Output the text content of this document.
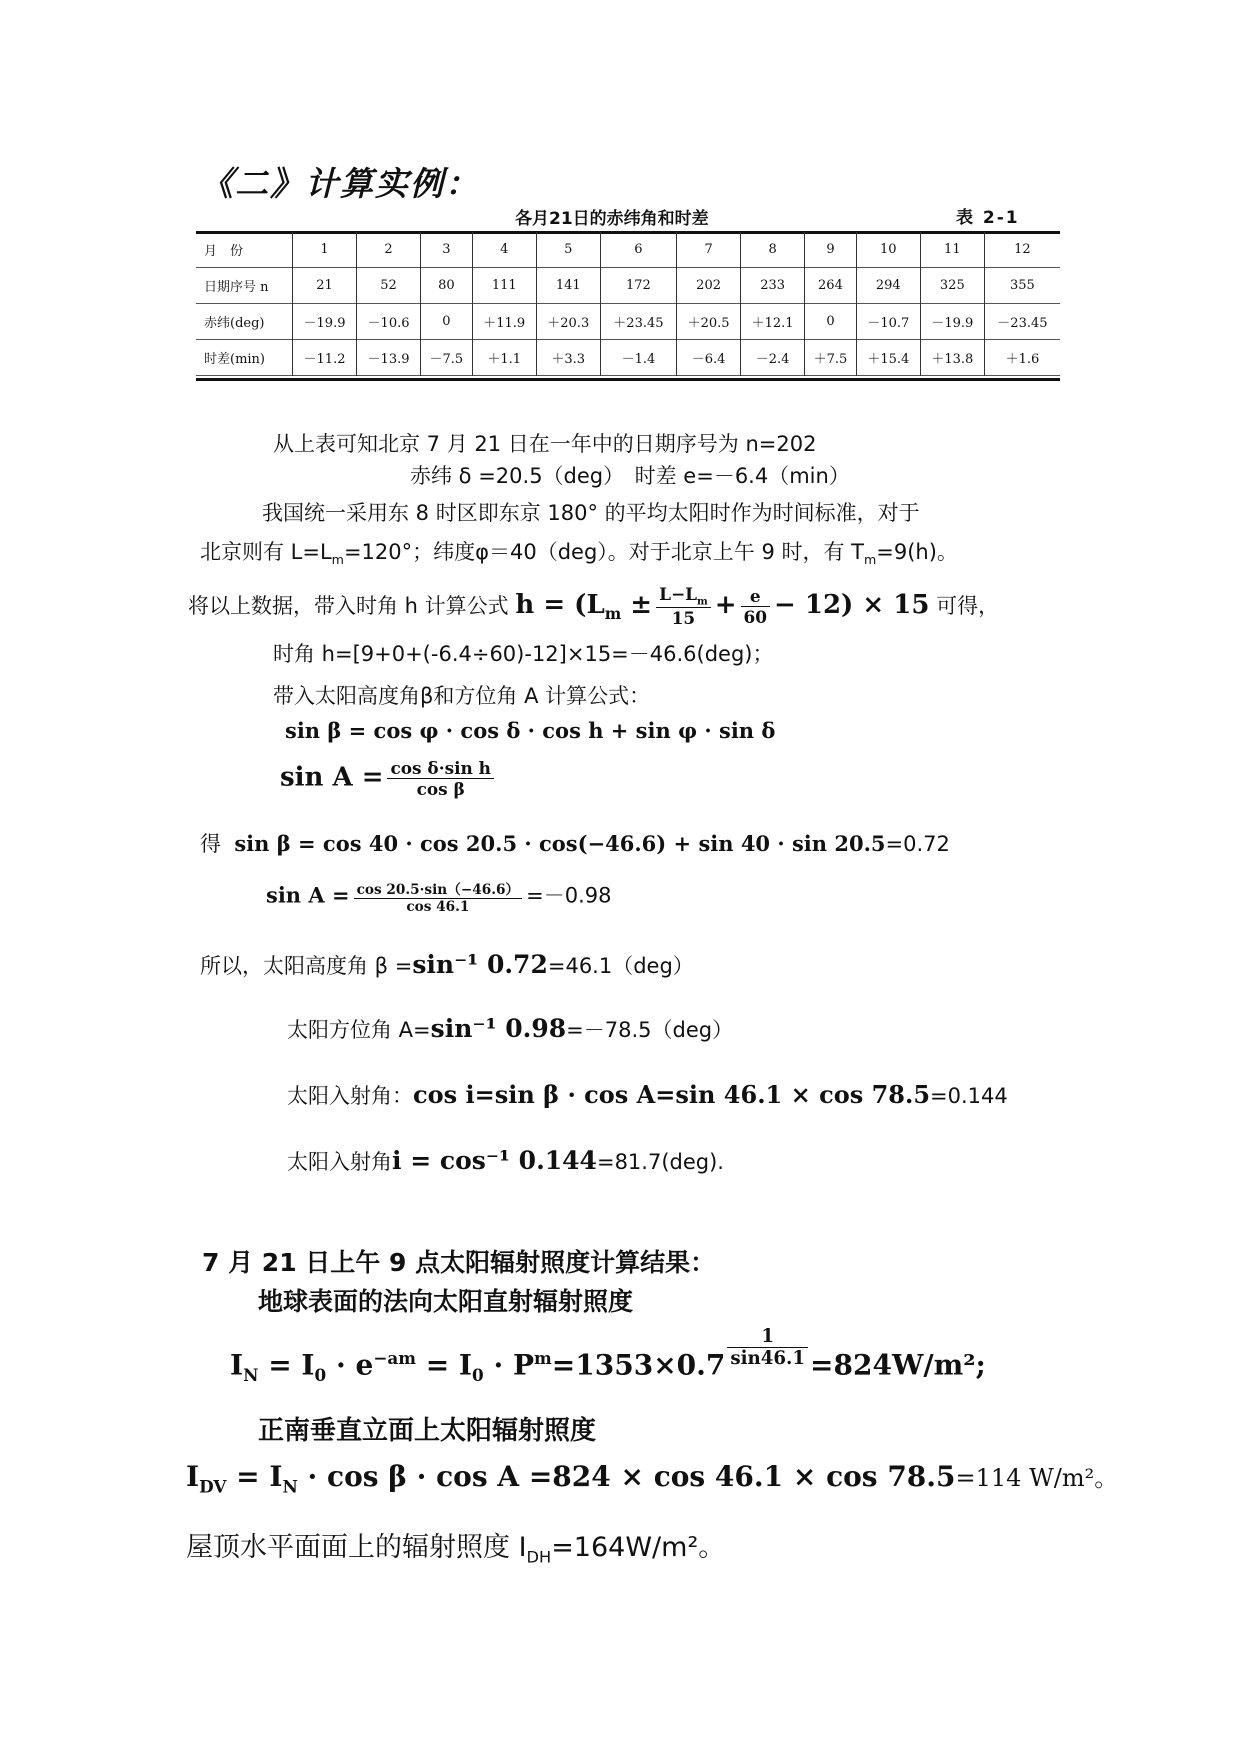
《二》计算实例：
各月21日的赤纬角和时差	表 2-1
月　份	1	2	3	4	5	6	7	8	9	10	11	12
日期序号 n	21	52	80	111	141	172	202	233	264	294	325	355
赤纬(deg)	－19.9	－10.6	0	＋11.9	＋20.3	＋23.45	＋20.5	＋12.1	0	－10.7	－19.9	－23.45
时差(min)	－11.2	－13.9	－7.5	＋1.1	＋3.3	－1.4	－6.4	－2.4	＋7.5	＋15.4	＋13.8	＋1.6
从上表可知北京 7 月 21 日在一年中的日期序号为 n=202
赤纬 δ =20.5（deg）　时差 e=－6.4（min）
我国统一采用东 8 时区即东京 180° 的平均太阳时作为时间标准，对于
北京则有 $L=L_m=120^\circ$；纬度φ＝40（deg）。对于北京上午 9 时，有 $T_m=9(h)$。
将以上数据，带入时角 h 计算公式 $h = (L_m \pm \frac{L-L_m}{15} + \frac{e}{60} - 12) \times 15$ 可得，
时角 h=[9+0+(-6.4÷60)-12]×15=－46.6(deg)；
带入太阳高度角β和方位角 A 计算公式：
sin β = cos φ · cos δ · cos h + sin φ · sin δ
$\sin A = \frac{\text{cos δ·sin h}}{\text{cos β}}$
得 sin β = cos 40 · cos 20.5 · cos(−46.6) + sin 40 · sin 20.5=0.72
$\sin A = \frac{\cos 20.5\cdot\sin(-46.6)}{\cos 46.1} =-0.98$
所以，太阳高度角 β =sin⁻¹ 0.72=46.1（deg）
太阳方位角 A=sin⁻¹ 0.98=－78.5（deg）
太阳入射角：cos i=sin β · cos A=sin 46.1 × cos 78.5=0.144
太阳入射角i = cos⁻¹ 0.144=81.7(deg).
7 月 21 日上午 9 点太阳辐射照度计算结果：
地球表面的法向太阳直射辐射照度
$I_N = I_0 \cdot e^{-am} = I_0 \cdot P^m=1353\times 0.7 \frac{1}{\sin 46.1} =824W/m^2$;
正南垂直立面上太阳辐射照度
$I_{DV} = I_N \cdot \cos \beta \cdot \cos A =824 \times \cos 46.1 \times \cos 78.5=114$ W/m²。
屋顶水平面面上的辐射照度 $I_{DH}=164W/m^2$。
